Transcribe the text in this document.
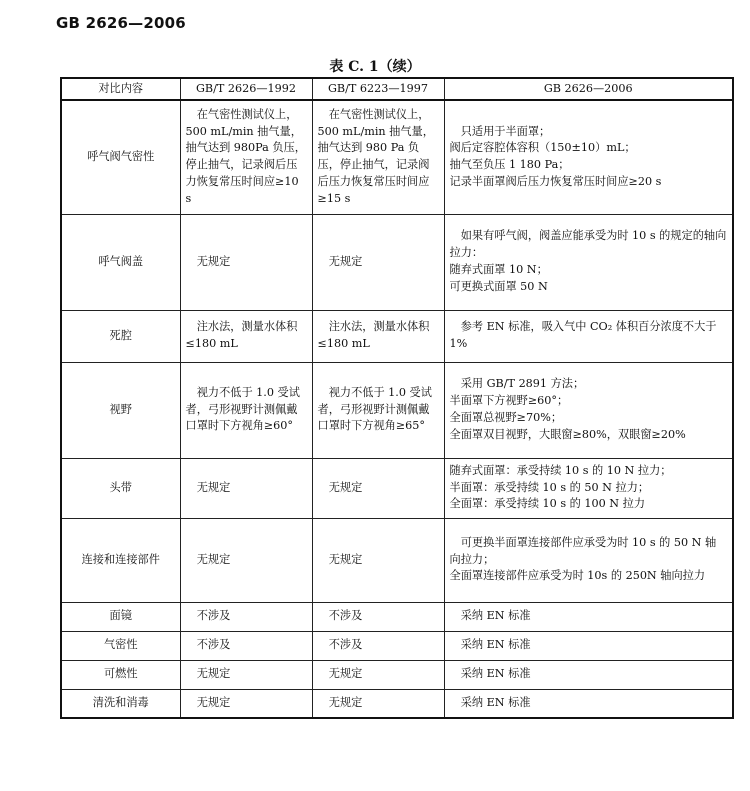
GB 2626—2006
表 C. 1（续）
对比内容	GB/T 2626—1992	GB/T 6223—1997	GB 2626—2006
呼气阀气密性	在气密性测试仪上，500 mL/min 抽气量，抽气达到 980Pa 负压，停止抽气，记录阀后压力恢复常压时间应≥10 s	在气密性测试仪上，500 mL/min 抽气量，抽气达到 980 Pa 负压，停止抽气，记录阀后压力恢复常压时间应≥15 s	只适用于半面罩；
阀后定容腔体容积（150±10）mL；
抽气至负压 1 180 Pa；
记录半面罩阀后压力恢复常压时间应≥20 s

呼气阀盖	无规定	无规定	如果有呼气阀，阀盖应能承受为时 10 s 的规定的轴向拉力：
随弃式面罩 10 N；
可更换式面罩 50 N

死腔	注水法，测量水体积≤180 mL	注水法，测量水体积≤180 mL	参考 EN 标准，吸入气中 CO₂ 体积百分浓度不大于 1%

视野	视力不低于 1.0 受试者，弓形视野计测佩戴口罩时下方视角≥60°	视力不低于 1.0 受试者，弓形视野计测佩戴口罩时下方视角≥65°	采用 GB/T 2891 方法；
半面罩下方视野≥60°；
全面罩总视野≥70%；
全面罩双目视野，大眼窗≥80%，双眼窗≥20%

头带	无规定	无规定	随弃式面罩：承受持续 10 s 的 10 N 拉力；
半面罩：承受持续 10 s 的 50 N 拉力；
全面罩：承受持续 10 s 的 100 N 拉力

连接和连接部件	无规定	无规定	可更换半面罩连接部件应承受为时 10 s 的 50 N 轴向拉力；
全面罩连接部件应承受为时 10s 的 250N 轴向拉力

面镜	不涉及	不涉及	采纳 EN 标准
气密性	不涉及	不涉及	采纳 EN 标准
可燃性	无规定	无规定	采纳 EN 标准
清洗和消毒	无规定	无规定	采纳 EN 标准
